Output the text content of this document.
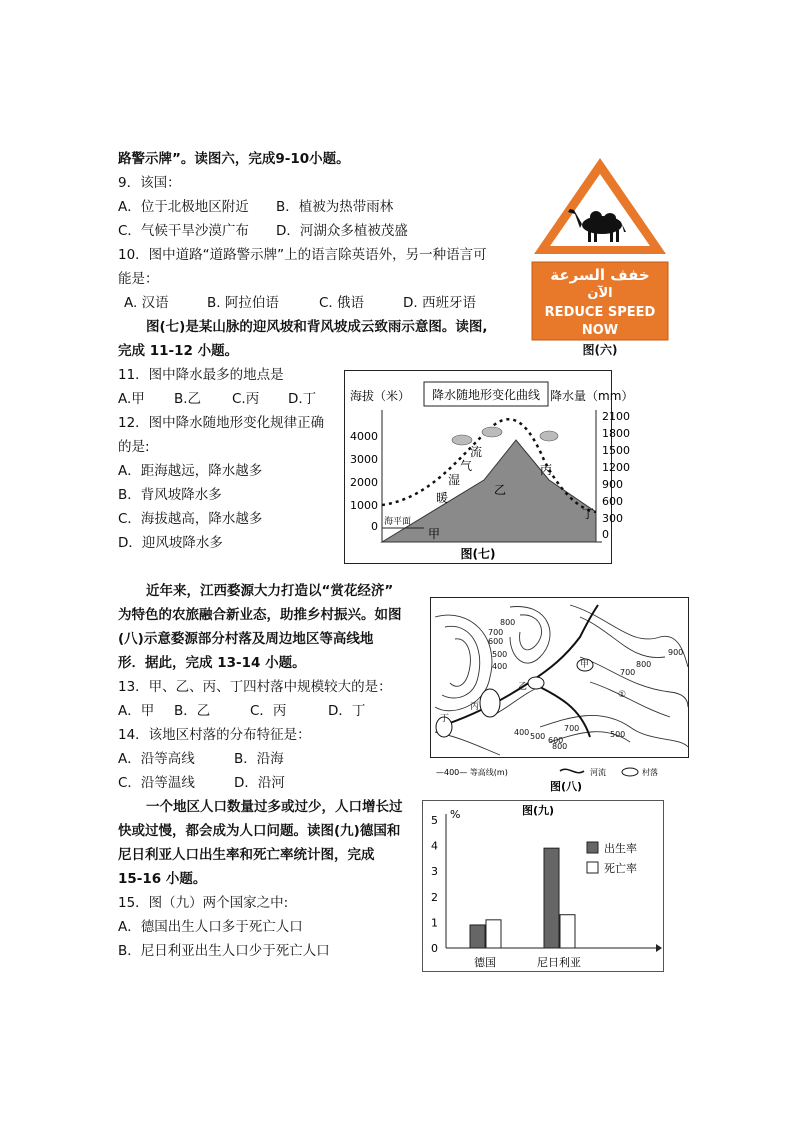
路警示牌”。读图六，完成9-10小题。
9．该国：
A．位于北极地区附近 B．植被为热带雨林
C．气候干旱沙漠广布 D．河湖众多植被茂盛
10．图中道路“道路警示牌”上的语言除英语外，另一种语言可
能是：
A. 汉语	B. 阿拉伯语	C. 俄语	D. 西班牙语
图(七)是某山脉的迎风坡和背风坡成云致雨示意图。读图,
完成 11-12 小题。
11．图中降水最多的地点是
A.甲 B.乙 C.丙 D.丁
12．图中降水随地形变化规律正确
的是:
A．距海越远，降水越多
B．背风坡降水多
C．海拔越高，降水越多
D．迎风坡降水多
近年来，江西婺源大力打造以“赏花经济”
为特色的农旅融合新业态，助推乡村振兴。如图
(八)示意婺源部分村落及周边地区等高线地
形．据此，完成 13-14 小题。
13．甲、乙、丙、丁四村落中规模较大的是：
A．甲 B．乙	C．丙	D．丁
14．该地区村落的分布特征是：
A．沿等高线	B．沿海
C．沿等温线	D．沿河
一个地区人口数量过多或过少，人口增长过
快或过慢，都会成为人口问题。读图(九)德国和
尼日利亚人口出生率和死亡率统计图，完成
15-16 小题。
15．图（九）两个国家之中:
A．德国出生人口多于死亡人口
B．尼日利亚出生人口少于死亡人口
خفف السرعة
الآن
REDUCE SPEED
NOW
图(六)
降水随地形变化曲线
海拔（米）	降水量（mm）
4000
3000
2000
1000
0
2100
1800
1500
1200
900
600
300
0
海平面
暖
湿
气
流
甲
乙
丙
丁
图(七)
800
700
600
500
400
900
800
700
400 500 600
700
800
500
甲
乙
丙
丁
①
—400— 等高线(m)	河流	村落
图(八)
图(九)
%
0
1
2
3
4
5
德国	尼日利亚
出生率
死亡率
